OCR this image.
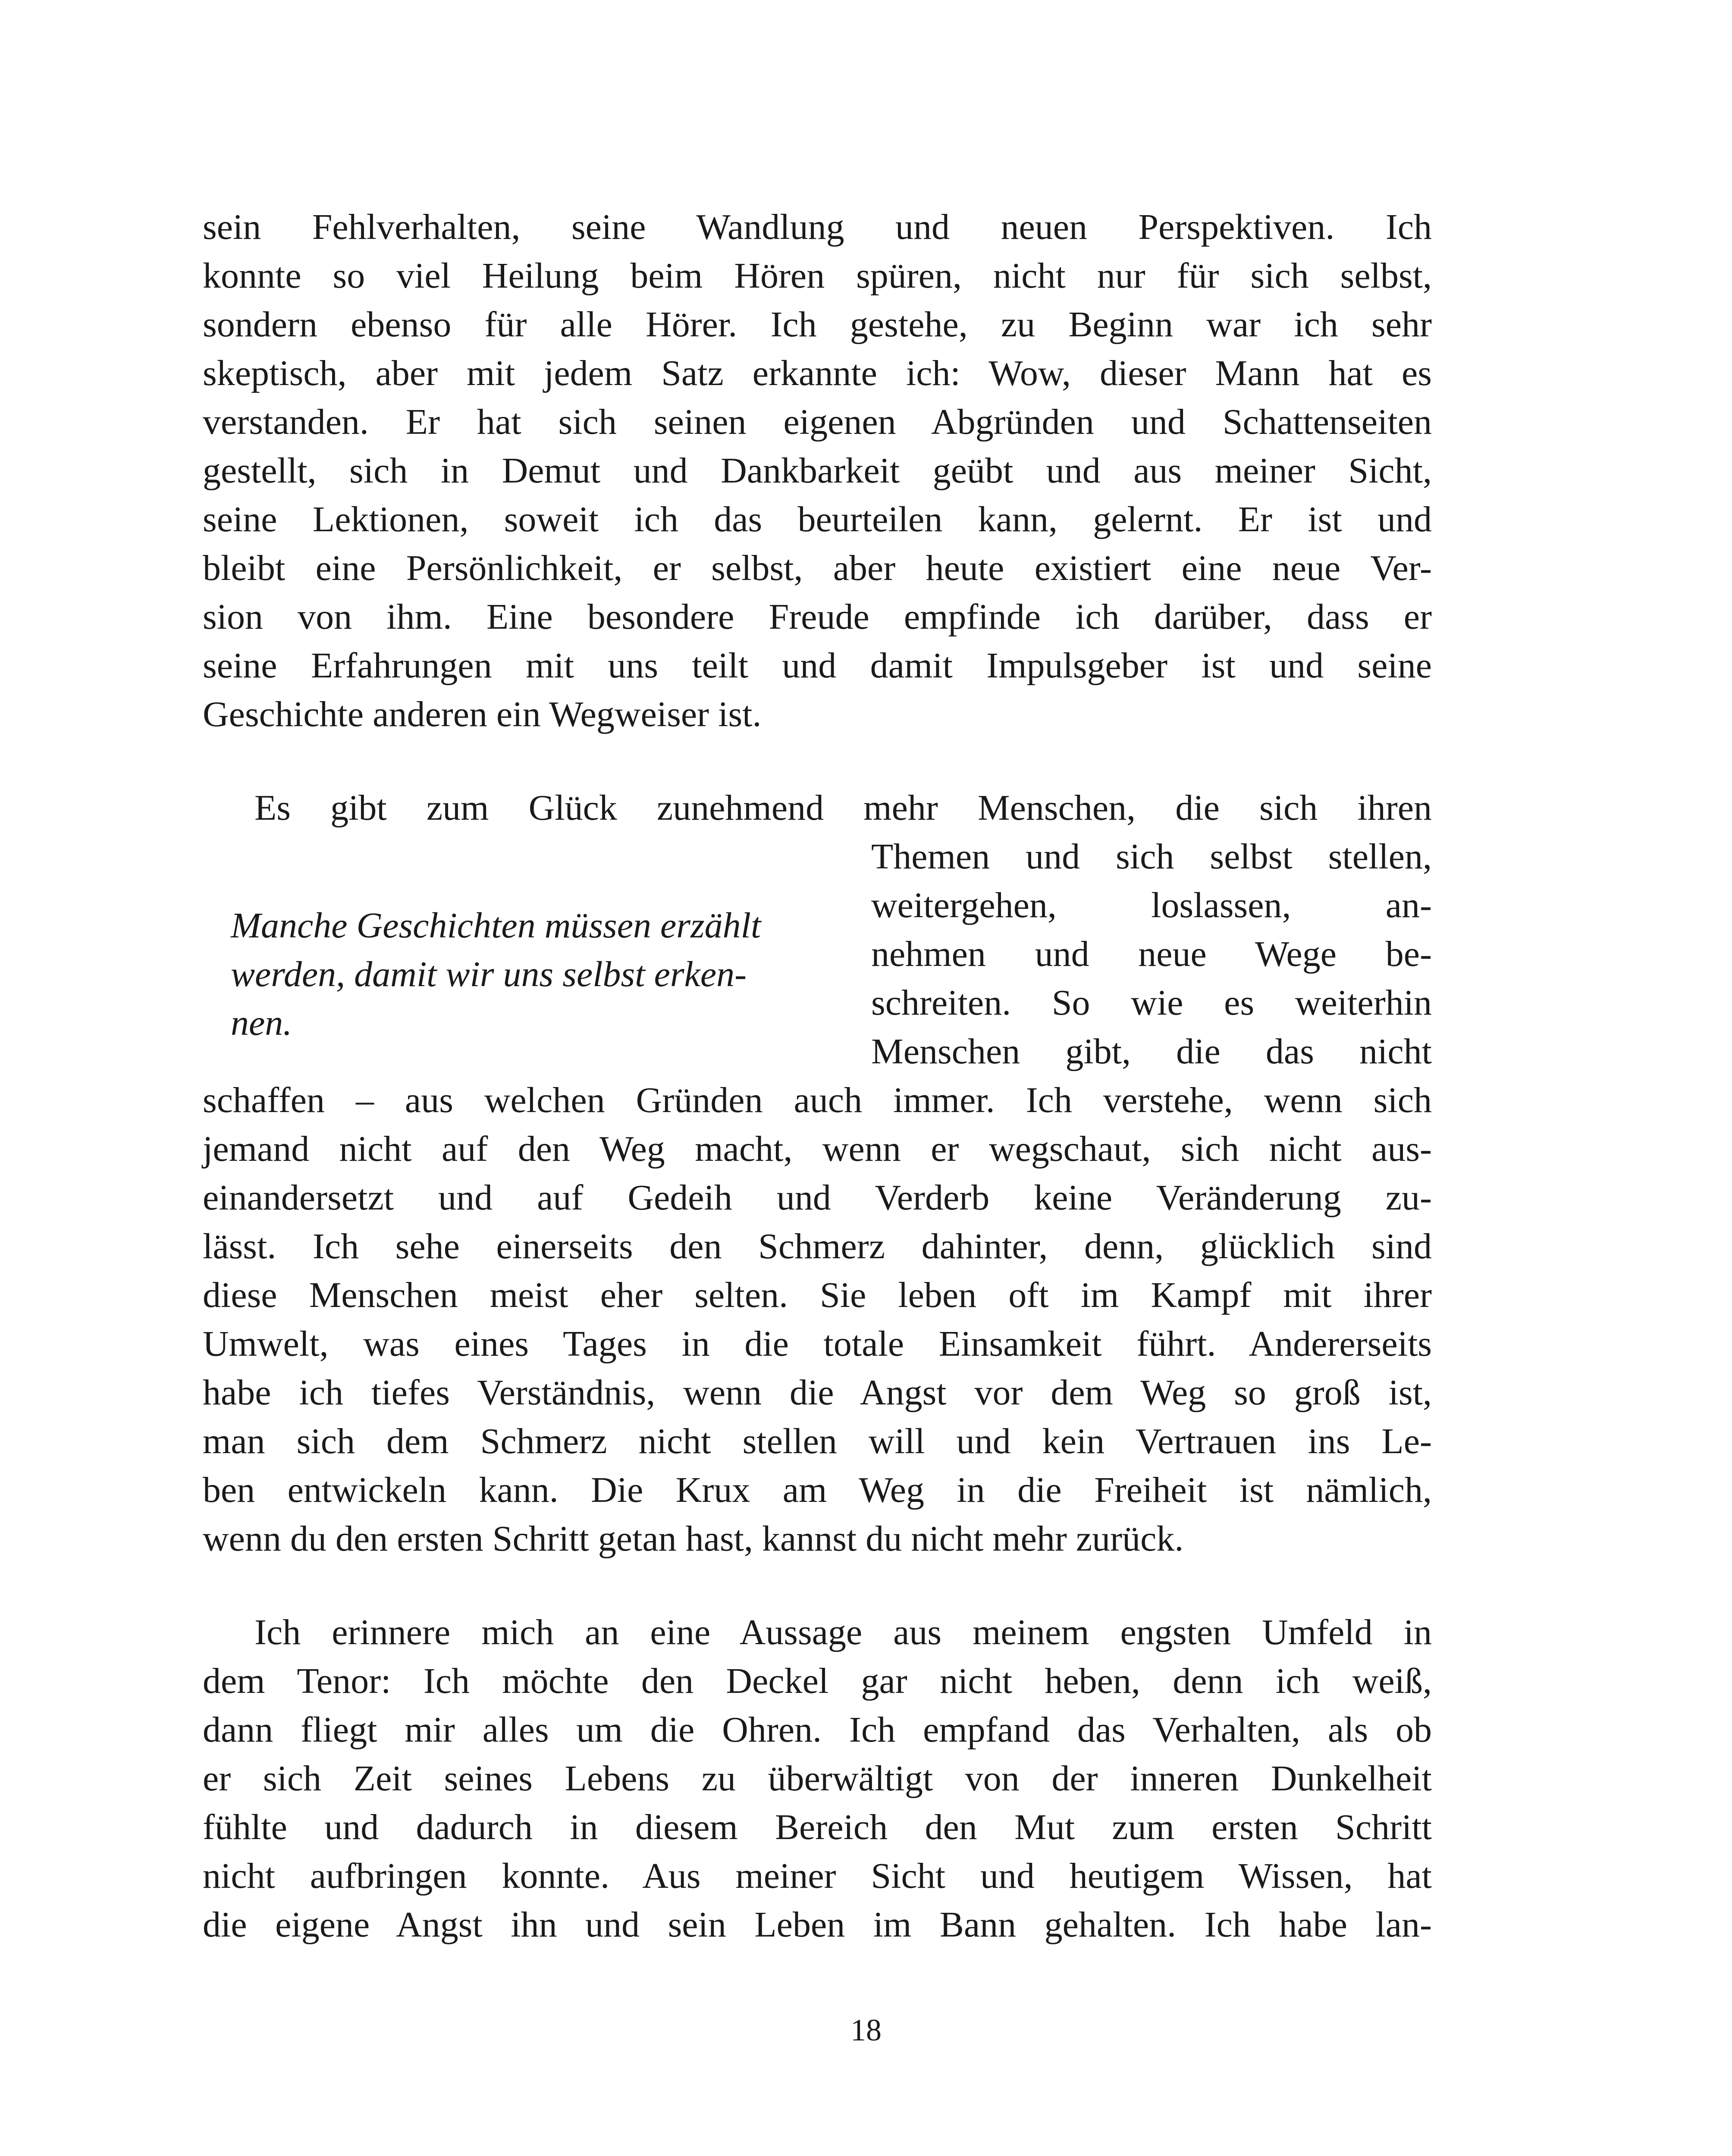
sein Fehlverhalten, seine Wandlung und neuen Perspektiven. Ich
konnte so viel Heilung beim Hören spüren, nicht nur für sich selbst,
sondern ebenso für alle Hörer. Ich gestehe, zu Beginn war ich sehr
skeptisch, aber mit jedem Satz erkannte ich: Wow, dieser Mann hat es
verstanden. Er hat sich seinen eigenen Abgründen und Schattenseiten
gestellt, sich in Demut und Dankbarkeit geübt und aus meiner Sicht,
seine Lektionen, soweit ich das beurteilen kann, gelernt. Er ist und
bleibt eine Persönlichkeit, er selbst, aber heute existiert eine neue Ver-
sion von ihm. Eine besondere Freude empfinde ich darüber, dass er
seine Erfahrungen mit uns teilt und damit Impulsgeber ist und seine
Geschichte anderen ein Wegweiser ist.
Es gibt zum Glück zunehmend mehr Menschen, die sich ihren
Themen und sich selbst stellen,
weitergehen, loslassen, an-
nehmen und neue Wege be-
schreiten. So wie es weiterhin
Menschen gibt, die das nicht
schaffen – aus welchen Gründen auch immer. Ich verstehe, wenn sich
jemand nicht auf den Weg macht, wenn er wegschaut, sich nicht aus-
einandersetzt und auf Gedeih und Verderb keine Veränderung zu-
lässt. Ich sehe einerseits den Schmerz dahinter, denn, glücklich sind
diese Menschen meist eher selten. Sie leben oft im Kampf mit ihrer
Umwelt, was eines Tages in die totale Einsamkeit führt. Andererseits
habe ich tiefes Verständnis, wenn die Angst vor dem Weg so groß ist,
man sich dem Schmerz nicht stellen will und kein Vertrauen ins Le-
ben entwickeln kann. Die Krux am Weg in die Freiheit ist nämlich,
wenn du den ersten Schritt getan hast, kannst du nicht mehr zurück.
Manche Geschichten müssen erzählt
werden, damit wir uns selbst erken-
nen.
Ich erinnere mich an eine Aussage aus meinem engsten Umfeld in
dem Tenor: Ich möchte den Deckel gar nicht heben, denn ich weiß,
dann fliegt mir alles um die Ohren. Ich empfand das Verhalten, als ob
er sich Zeit seines Lebens zu überwältigt von der inneren Dunkelheit
fühlte und dadurch in diesem Bereich den Mut zum ersten Schritt
nicht aufbringen konnte. Aus meiner Sicht und heutigem Wissen, hat
die eigene Angst ihn und sein Leben im Bann gehalten. Ich habe lan-
18
